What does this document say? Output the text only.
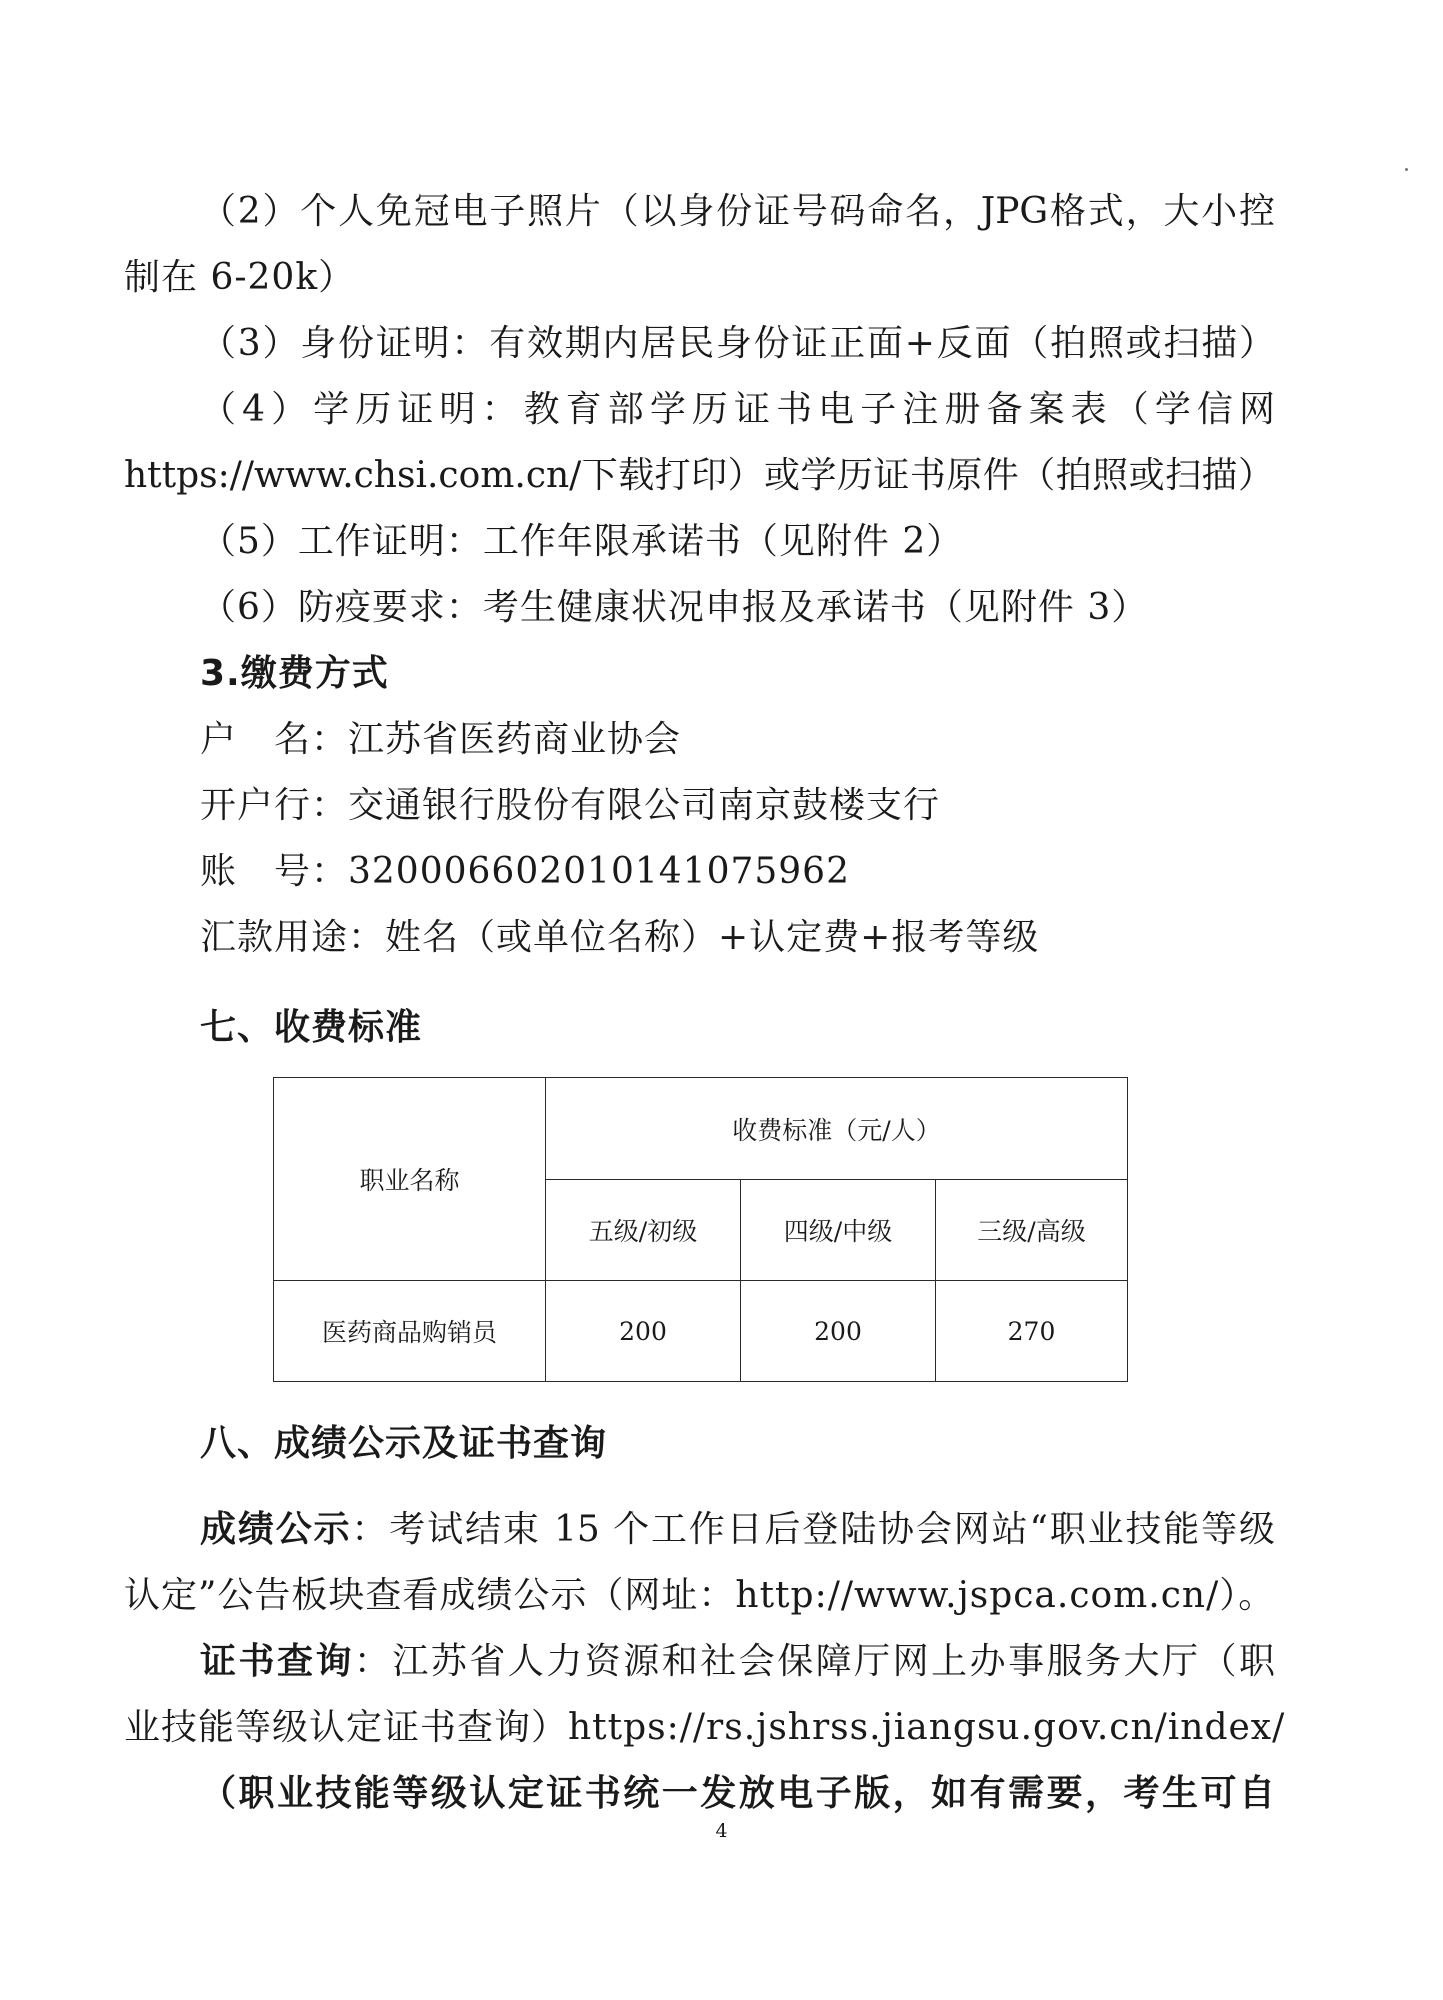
（2）个人免冠电子照片（以身份证号码命名，JPG格式，大小控
制在 6-20k）
（3）身份证明：有效期内居民身份证正面+反面（拍照或扫描）
（4）学历证明：教育部学历证书电子注册备案表（学信网
https://www.chsi.com.cn/下载打印）或学历证书原件（拍照或扫描）
（5）工作证明：工作年限承诺书（见附件 2）
（6）防疫要求：考生健康状况申报及承诺书（见附件 3）
3.缴费方式
户　名：江苏省医药商业协会
开户行：交通银行股份有限公司南京鼓楼支行
账　号：320006602010141075962
汇款用途：姓名（或单位名称）+认定费+报考等级
七、收费标准
职业名称	收费标准（元/人）		
	五级/初级	四级/中级	三级/高级
医药商品购销员	200	200	270
八、成绩公示及证书查询
成绩公示：考试结束 15 个工作日后登陆协会网站“职业技能等级
认定”公告板块查看成绩公示（网址：http://www.jspca.com.cn/）。
证书查询：江苏省人力资源和社会保障厅网上办事服务大厅（职
业技能等级认定证书查询）https://rs.jshrss.jiangsu.gov.cn/index/
（职业技能等级认定证书统一发放电子版，如有需要，考生可自
4
